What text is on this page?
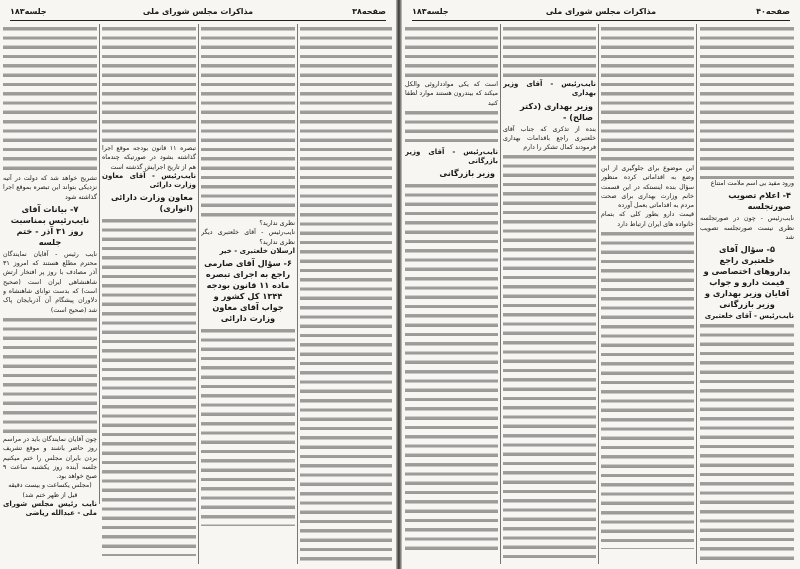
صفحه۳۸
مذاکرات مجلس شورای ملی
جلسه۱۸۳

نظری ندارید؟

نایب‌رئیس - آقای خلعتبری دیگر نظری ندارید؟

ارسلان خلعتبری - خیر

۶- سؤال آقای صارمی راجع به اجرای تبصره ماده ۱۱ قانون بودجه ۱۳۴۴ کل کشور و جواب آقای معاون وزارت دارائی

تبصره ۱۱ قانون بودجه موقع اجرا گذاشته بشود در صورتیکه چندماه هم از تاریخ اجرایش گذشته است

نایب‌رئیس - آقای معاون وزارت دارائی

معاون وزارت دارائی (انواری)

تشریح خواهد شد که دولت در آتیه نزدیکی بتواند این تبصره بموقع اجرا گذاشته شود

۷- بیانات آقای نایب‌رئیس بمناسبت روز ۳۱ آذر - ختم جلسه

نایب رئیس - آقایان نمایندگان محترم مطلع هستند که امروز ۳۱ آذر مصادف با روز پر افتخار ارتش شاهنشاهی ایران است (صحیح است) که بدست توانای شاهنشاه و دلاوران پیشگام آن آذربایجان پاک شد (صحیح است)

چون آقایان نمایندگان باید در مراسم روز حاضر باشند و موقع تشریف بردن بایران مجلس را ختم میکنیم جلسه آینده روز یکشنبه ساعت ۹ صبح خواهد بود.

(مجلس یکساعت و بیست دقیقه قبل از ظهر ختم شد)

نایب رئیس مجلس شورای ملی - عبدالله ریاضی

صفحه۴۰
مذاکرات مجلس شورای ملی
جلسه۱۸۳

ورود مفید بی اسم ملامت امتناع

۴- اعلام تصویب صورتجلسه

نایب‌رئیس - چون در صورتجلسه نظری نیست صورتجلسه تصویب شد

۵- سؤال آقای خلعتبری راجع بداروهای اختصاصی و قیمت دارو و جواب آقایان وزیر بهداری و وزیر بازرگانی

نایب‌رئیس - آقای خلعتبری

این موضوع برای جلوگیری از این وضع به اقداماتی کرده منظور سؤال بنده اینستکه در این قسمت خانم وزارت بهداری برای صحت مردم به اقداماتی بعمل آورده

قیمت دارو بطور کلی که بتمام خانواده های ایران ارتباط دارد

نایب‌رئیس - آقای وزیر بهداری

وزیر بهداری (دکتر صالح) -

بنده از تذکری که جناب آقای خلعتبری راجع باقدامات بهداری فرمودند کمال تشکر را دارم

است که یکی موادداروئی والکل میکند که بیندرون هستند موارد لطفا کنید

نایب‌رئیس - آقای وزیر بازرگانی

وزیر بازرگانی
